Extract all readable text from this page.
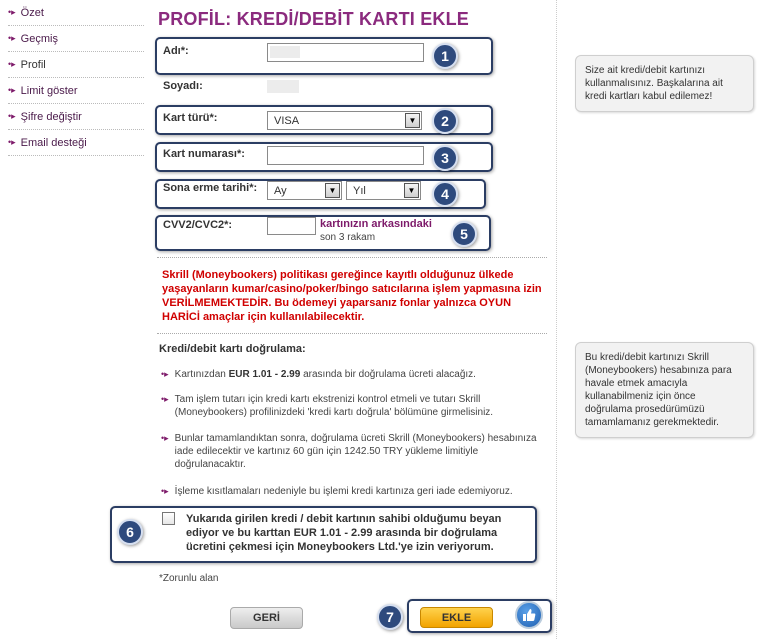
•▸ Özet
•▸ Geçmiş
•▸ Profil
•▸ Limit göster
•▸ Şifre değiştir
•▸ Email desteği
PROFİL: KREDİ/DEBİT KARTI EKLE
Adı*:	1
Soyadı:
Kart türü*:	VISA	▼	2
Kart numarası*:	3
Sona erme tarihi*: Ay	▼	Yıl	▼	4
CVV2/CVC2*:	kartınızın arkasındaki
son 3 rakam	5
Skrill (Moneybookers) politikası gereğince kayıtlı olduğunuz ülkede yaşayanların kumar/casino/poker/bingo satıcılarına işlem yapmasına izin VERİLMEMEKTEDİR. Bu ödemeyi yaparsanız fonlar yalnızca OYUN HARİCİ amaçlar için kullanılabilecektir.
Kredi/debit kartı doğrulama:
•▸ Kartınızdan EUR 1.01 - 2.99 arasında bir doğrulama ücreti alacağız.
•▸ Tam işlem tutarı için kredi kartı ekstrenizi kontrol etmeli ve tutarı Skrill (Moneybookers) profilinizdeki 'kredi kartı doğrula' bölümüne girmelisiniz.
•▸ Bunlar tamamlandıktan sonra, doğrulama ücreti Skrill (Moneybookers) hesabınıza iade edilecektir ve kartınız 60 gün için 1242.50 TRY yükleme limitiyle doğrulanacaktır.
•▸ İşleme kısıtlamaları nedeniyle bu işlemi kredi kartınıza geri iade edemiyoruz.
6
Yukarıda girilen kredi / debit kartının sahibi olduğumu beyan ediyor ve bu karttan EUR 1.01 - 2.99 arasında bir doğrulama ücretini çekmesi için Moneybookers Ltd.'ye izin veriyorum.
*Zorunlu alan
GERİ	7	EKLE
Size ait kredi/debit kartınızı kullanmalısınız. Başkalarına ait kredi kartları kabul edilemez!
Bu kredi/debit kartınızı Skrill (Moneybookers) hesabınıza para havale etmek amacıyla kullanabilmeniz için önce doğrulama prosedürümüzü tamamlamanız gerekmektedir.
